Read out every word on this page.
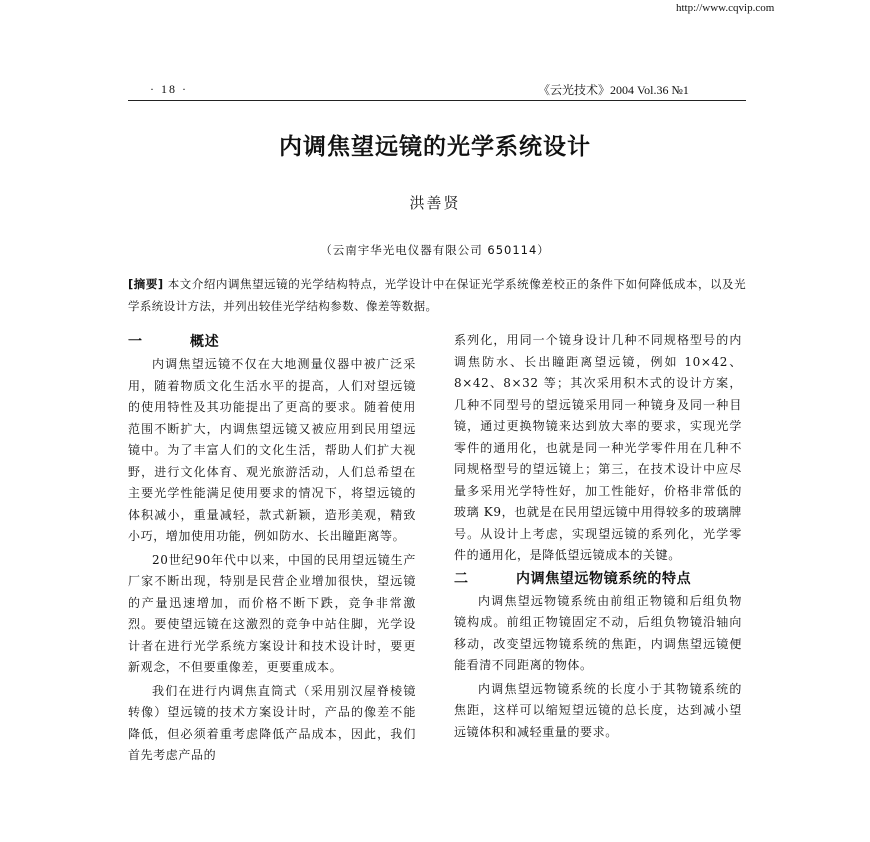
http://www.cqvip.com
· 18 ·	《云光技术》2004 Vol.36 №1
内调焦望远镜的光学系统设计
洪善贤
（云南宇华光电仪器有限公司 650114）
[摘要] 本文介绍内调焦望远镜的光学结构特点，光学设计中在保证光学系统像差校正的条件下如何降低成本，以及光学系统设计方法，并列出较佳光学结构参数、像差等数据。
一	概述

内调焦望远镜不仅在大地测量仪器中被广泛采用，随着物质文化生活水平的提高，人们对望远镜的使用特性及其功能提出了更高的要求。随着使用范围不断扩大，内调焦望远镜又被应用到民用望远镜中。为了丰富人们的文化生活，帮助人们扩大视野，进行文化体育、观光旅游活动，人们总希望在主要光学性能满足使用要求的情况下，将望远镜的体积减小，重量减轻，款式新颖，造形美观，精致小巧，增加使用功能，例如防水、长出瞳距离等。

20世纪90年代中以来，中国的民用望远镜生产厂家不断出现，特别是民营企业增加很快，望远镜的产量迅速增加，而价格不断下跌，竞争非常激烈。要使望远镜在这激烈的竞争中站住脚，光学设计者在进行光学系统方案设计和技术设计时，要更新观念，不但要重像差，更要重成本。

我们在进行内调焦直筒式（采用别汉屋脊棱镜转像）望远镜的技术方案设计时，产品的像差不能降低，但必须着重考虑降低产品成本，因此，我们首先考虑产品的

系列化，用同一个镜身设计几种不同规格型号的内调焦防水、长出瞳距离望远镜，例如 10×42、8×42、8×32 等；其次采用积木式的设计方案，几种不同型号的望远镜采用同一种镜身及同一种目镜，通过更换物镜来达到放大率的要求，实现光学零件的通用化，也就是同一种光学零件用在几种不同规格型号的望远镜上；第三，在技术设计中应尽量多采用光学特性好，加工性能好，价格非常低的玻璃 K9，也就是在民用望远镜中用得较多的玻璃牌号。从设计上考虑，实现望远镜的系列化，光学零件的通用化，是降低望远镜成本的关键。

二	内调焦望远物镜系统的特点

内调焦望远物镜系统由前组正物镜和后组负物镜构成。前组正物镜固定不动，后组负物镜沿轴向移动，改变望远物镜系统的焦距，内调焦望远镜便能看清不同距离的物体。

内调焦望远物镜系统的长度小于其物镜系统的焦距，这样可以缩短望远镜的总长度，达到减小望远镜体积和减轻重量的要求。
